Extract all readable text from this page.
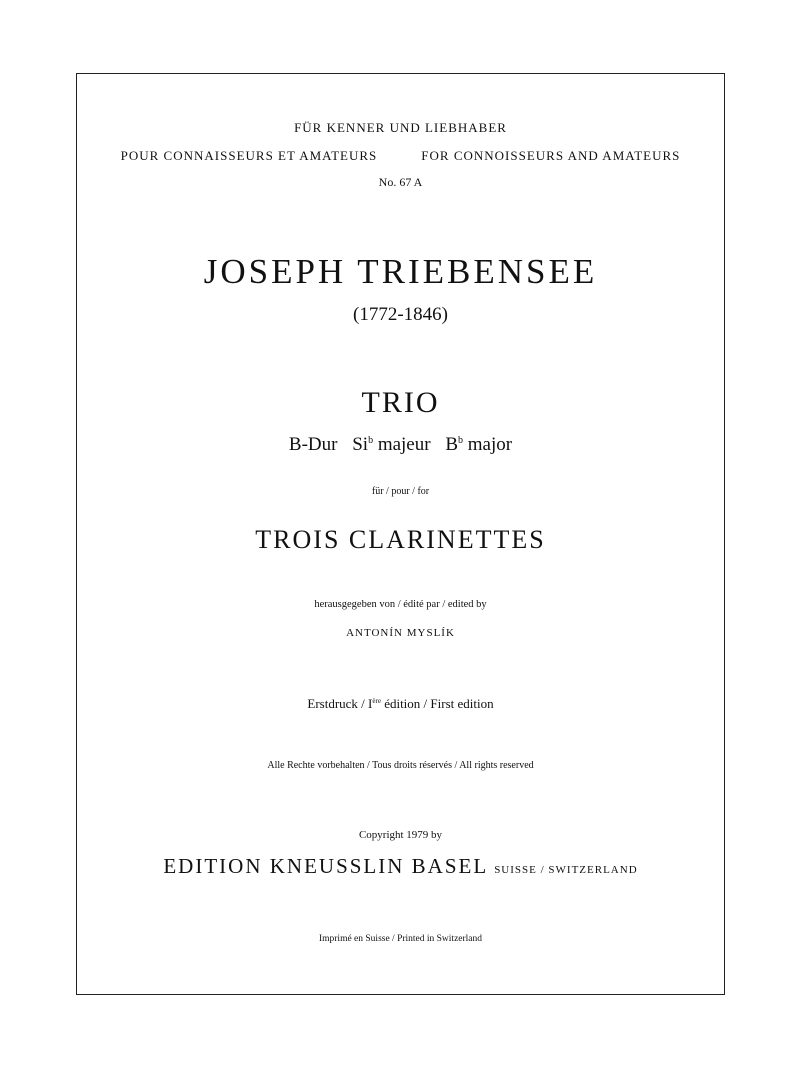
FÜR KENNER UND LIEBHABER
POUR CONNAISSEURS ET AMATEURS	FOR CONNOISSEURS AND AMATEURS
No. 67 A
JOSEPH TRIEBENSEE
(1772-1846)
TRIO
B-Dur Si$^b$ majeur $B^b$ major
für / pour / for
TROIS CLARINETTES
herausgegeben von / édité par / edited by
ANTONÍN MYSLÍK
Erstdruck / Ière édition / First edition
Alle Rechte vorbehalten / Tous droits réservés / All rights reserved
Copyright 1979 by
EDITION KNEUSSLIN BASEL SUISSE / SWITZERLAND
Imprimé en Suisse / Printed in Switzerland
